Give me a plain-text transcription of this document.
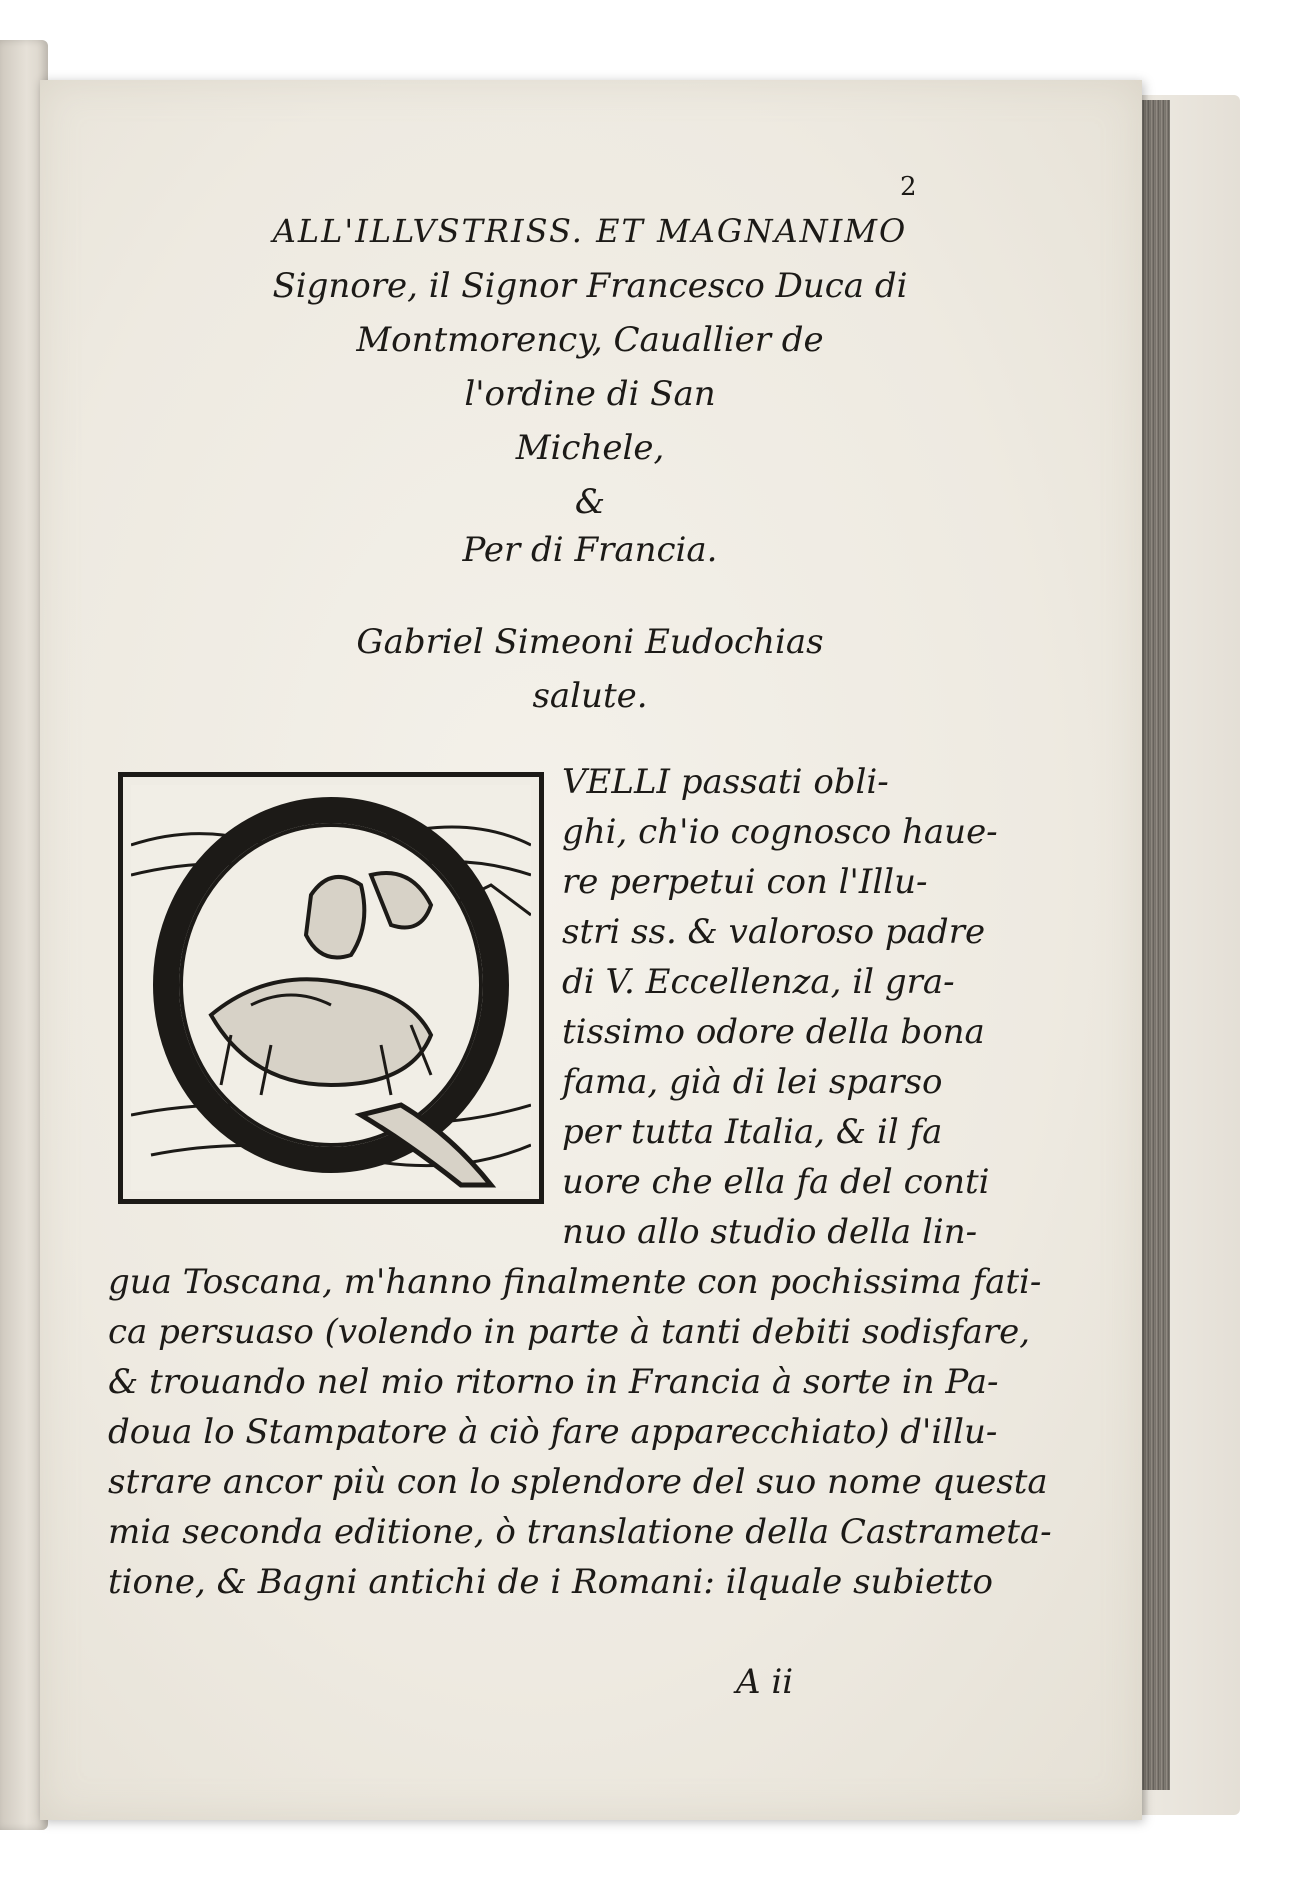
2
ALL'ILLVSTRISS. ET MAGNANIMO
Signore, il Signor Francesco Duca di
Montmorency, Cauallier de
l'ordine di San
Michele,
&
Per di Francia.
Gabriel Simeoni Eudochias
salute.
VELLI passati obli-
ghi, ch'io cognosco haue-
re perpetui con l'Illu-
stri ss. & valoroso padre
di V. Eccellenza, il gra-
tissimo odore della bona
fama, già di lei sparso
per tutta Italia, & il fa
uore che ella fa del conti
nuo allo studio della lin-
gua Toscana, m'hanno finalmente con pochissima fati-
ca persuaso (volendo in parte à tanti debiti sodisfare,
& trouando nel mio ritorno in Francia à sorte in Pa-
doua lo Stampatore à ciò fare apparecchiato) d'illu-
strare ancor più con lo splendore del suo nome questa
mia seconda editione, ò translatione della Castrameta-
tione, & Bagni antichi de i Romani: ilquale subietto
A ii
